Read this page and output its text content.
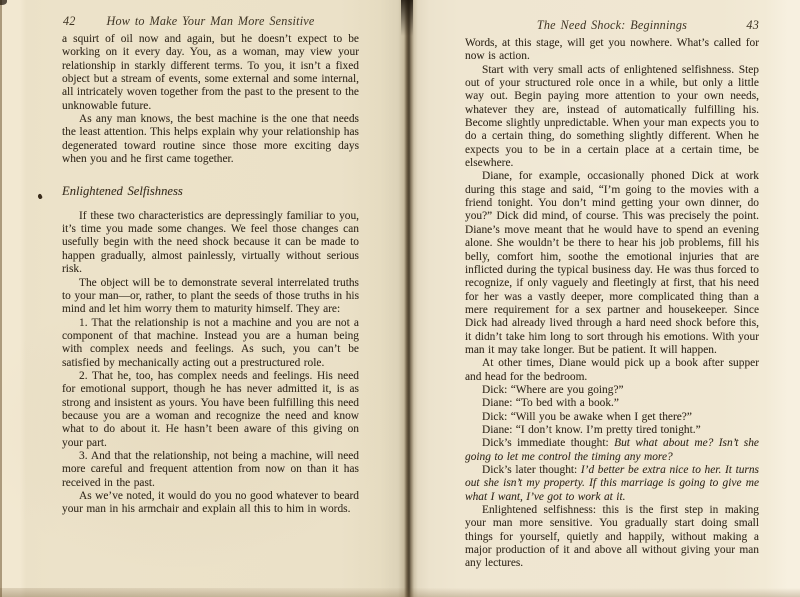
42	How to Make Your Man More Sensitive
a squirt of oil now and again, but he doesn’t expect to be working on it every day. You, as a woman, may view your relationship in starkly different terms. To you, it isn’t a fixed object but a stream of events, some external and some internal, all intricately woven together from the past to the present to the unknowable future.
As any man knows, the best machine is the one that needs the least attention. This helps explain why your relationship has degenerated toward routine since those more exciting days when you and he first came together.
Enlightened Selfishness
If these two characteristics are depressingly familiar to you, it’s time you made some changes. We feel those changes can usefully begin with the need shock because it can be made to happen gradually, almost painlessly, virtually without serious risk.
The object will be to demonstrate several interrelated truths to your man—or, rather, to plant the seeds of those truths in his mind and let him worry them to maturity himself. They are:
1. That the relationship is not a machine and you are not a component of that machine. Instead you are a human being with complex needs and feelings. As such, you can’t be satisfied by mechanically acting out a prestructured role.
2. That he, too, has complex needs and feelings. His need for emotional support, though he has never admitted it, is as strong and insistent as yours. You have been fulfilling this need because you are a woman and recognize the need and know what to do about it. He hasn’t been aware of this giving on your part.
3. And that the relationship, not being a machine, will need more careful and frequent attention from now on than it has received in the past.
As we’ve noted, it would do you no good whatever to beard your man in his armchair and explain all this to him in words.
The Need Shock: Beginnings	43
Words, at this stage, will get you nowhere. What’s called for now is action.
Start with very small acts of enlightened selfishness. Step out of your structured role once in a while, but only a little way out. Begin paying more attention to your own needs, whatever they are, instead of automatically fulfilling his. Become slightly unpredictable. When your man expects you to do a certain thing, do something slightly different. When he expects you to be in a certain place at a certain time, be elsewhere.
Diane, for example, occasionally phoned Dick at work during this stage and said, “I’m going to the movies with a friend tonight. You don’t mind getting your own dinner, do you?” Dick did mind, of course. This was precisely the point. Diane’s move meant that he would have to spend an evening alone. She wouldn’t be there to hear his job problems, fill his belly, comfort him, soothe the emotional injuries that are inflicted during the typical business day. He was thus forced to recognize, if only vaguely and fleetingly at first, that his need for her was a vastly deeper, more complicated thing than a mere requirement for a sex partner and housekeeper. Since Dick had already lived through a hard need shock before this, it didn’t take him long to sort through his emotions. With your man it may take longer. But be patient. It will happen.
At other times, Diane would pick up a book after supper and head for the bedroom.
Dick: “Where are you going?”
Diane: “To bed with a book.”
Dick: “Will you be awake when I get there?”
Diane: “I don’t know. I’m pretty tired tonight.”
Dick’s immediate thought: But what about me? Isn’t she going to let me control the timing any more?
Dick’s later thought: I’d better be extra nice to her. It turns out she isn’t my property. If this marriage is going to give me what I want, I’ve got to work at it.
Enlightened selfishness: this is the first step in making your man more sensitive. You gradually start doing small things for yourself, quietly and happily, without making a major production of it and above all without giving your man any lectures.
